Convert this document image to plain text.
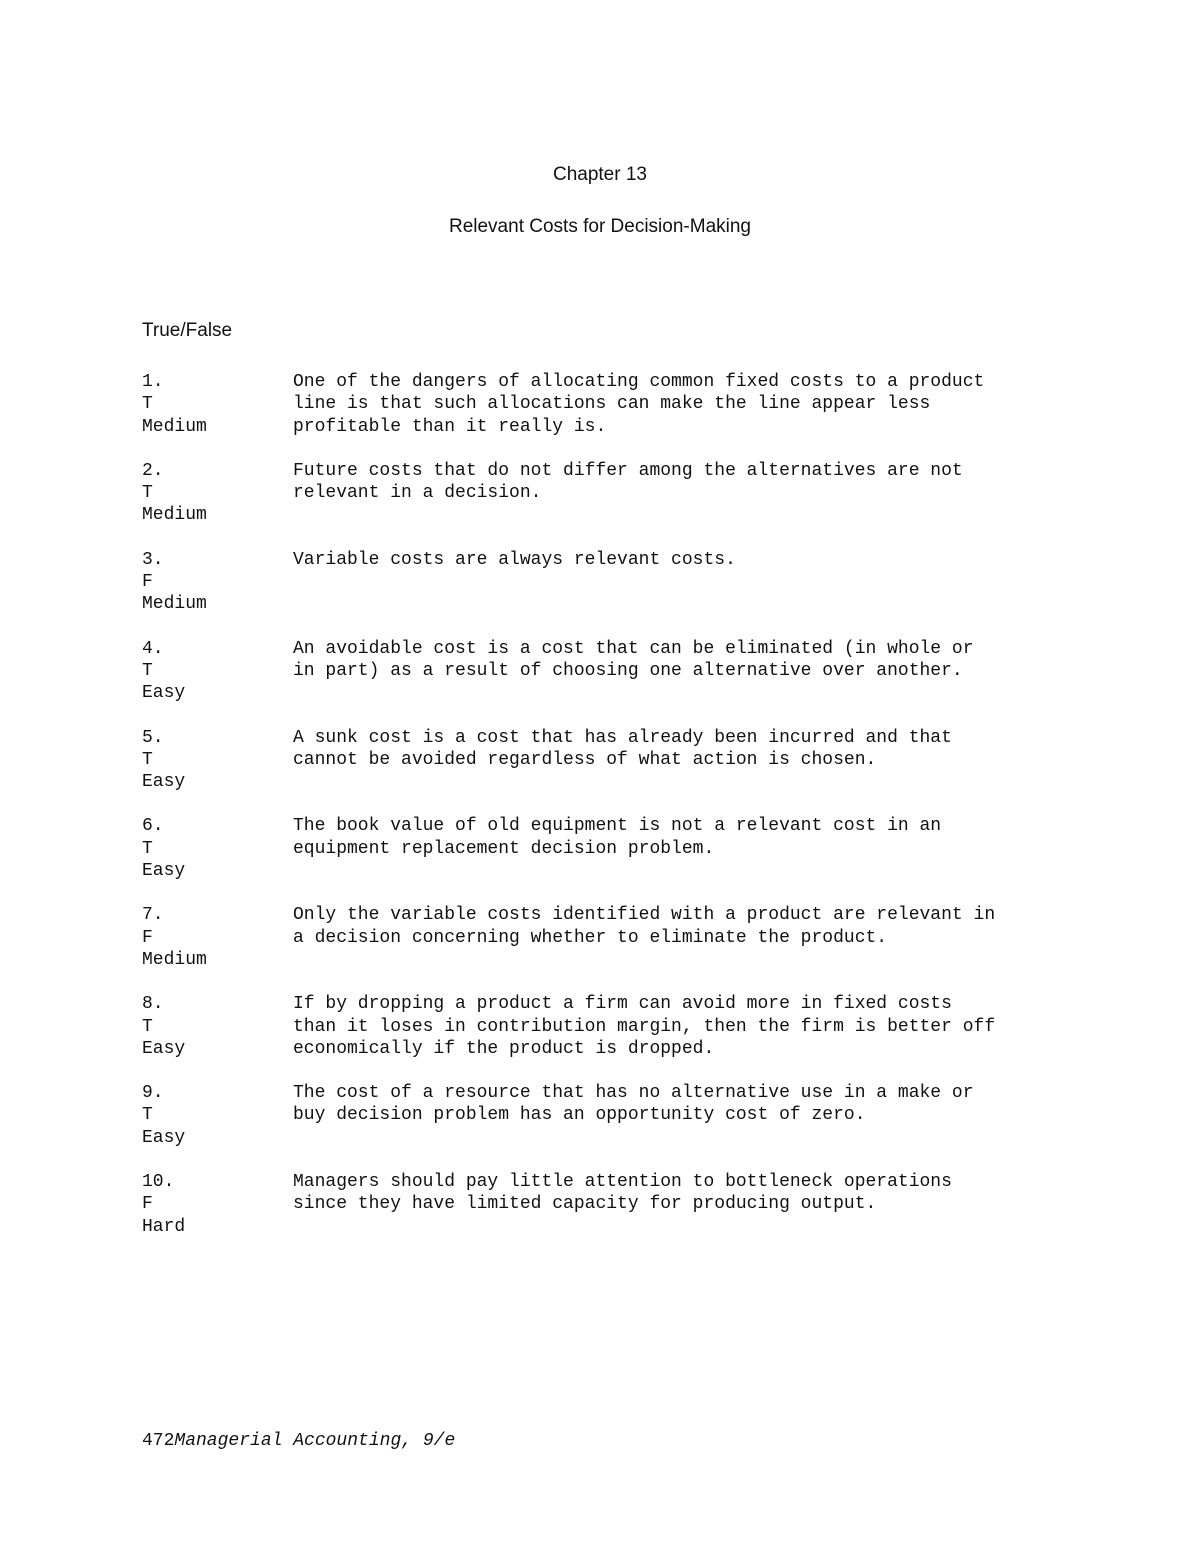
Chapter 13
Relevant Costs for Decision-Making
True/False
1.
T
Medium
One of the dangers of allocating common fixed costs to a product
line is that such allocations can make the line appear less
profitable than it really is.
2.
T
Medium
Future costs that do not differ among the alternatives are not
relevant in a decision.
3.
F
Medium
Variable costs are always relevant costs.
4.
T
Easy
An avoidable cost is a cost that can be eliminated (in whole or
in part) as a result of choosing one alternative over another.
5.
T
Easy
A sunk cost is a cost that has already been incurred and that
cannot be avoided regardless of what action is chosen.
6.
T
Easy
The book value of old equipment is not a relevant cost in an
equipment replacement decision problem.
7.
F
Medium
Only the variable costs identified with a product are relevant in
a decision concerning whether to eliminate the product.
8.
T
Easy
If by dropping a product a firm can avoid more in fixed costs
than it loses in contribution margin, then the firm is better off
economically if the product is dropped.
9.
T
Easy
The cost of a resource that has no alternative use in a make or
buy decision problem has an opportunity cost of zero.
10.
F
Hard
Managers should pay little attention to bottleneck operations
since they have limited capacity for producing output.
472Managerial Accounting, 9/e
